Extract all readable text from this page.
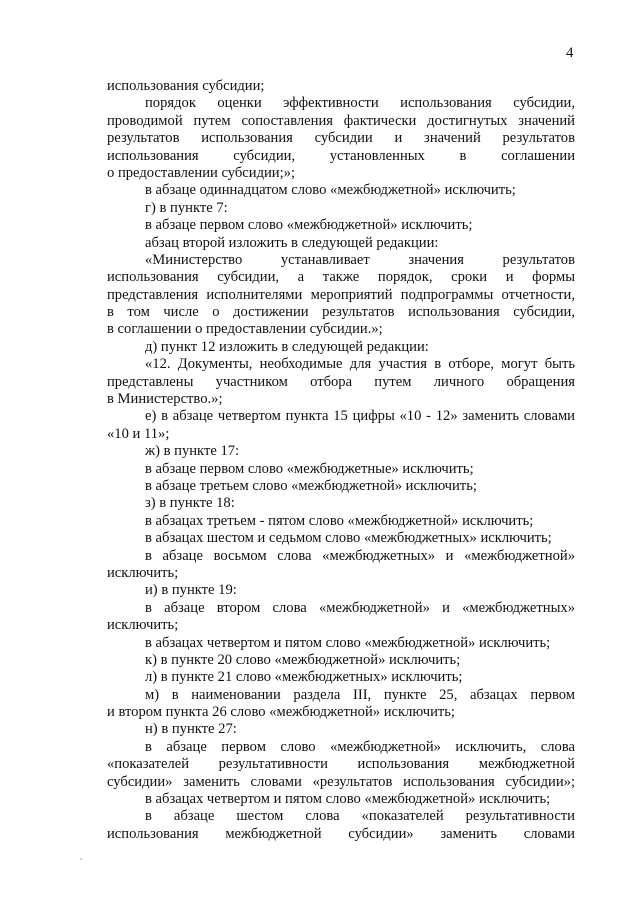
4
использования субсидии;
порядок оценки эффективности использования субсидии,
проводимой путем сопоставления фактически достигнутых значений
результатов использования субсидии и значений результатов
использования субсидии, установленных в соглашении
о предоставлении субсидии;»;
в абзаце одиннадцатом слово «межбюджетной» исключить;
г) в пункте 7:
в абзаце первом слово «межбюджетной» исключить;
абзац второй изложить в следующей редакции:
«Министерство устанавливает значения результатов
использования субсидии, а также порядок, сроки и формы
представления исполнителями мероприятий подпрограммы отчетности,
в том числе о достижении результатов использования субсидии,
в соглашении о предоставлении субсидии.»;
д) пункт 12 изложить в следующей редакции:
«12. Документы, необходимые для участия в отборе, могут быть
представлены участником отбора путем личного обращения
в Министерство.»;
е) в абзаце четвертом пункта 15 цифры «10 - 12» заменить словами
«10 и 11»;
ж) в пункте 17:
в абзаце первом слово «межбюджетные» исключить;
в абзаце третьем слово «межбюджетной» исключить;
з) в пункте 18:
в абзацах третьем - пятом слово «межбюджетной» исключить;
в абзацах шестом и седьмом слово «межбюджетных» исключить;
в абзаце восьмом слова «межбюджетных» и «межбюджетной»
исключить;
и) в пункте 19:
в абзаце втором слова «межбюджетной» и «межбюджетных»
исключить;
в абзацах четвертом и пятом слово «межбюджетной» исключить;
к) в пункте 20 слово «межбюджетной» исключить;
л) в пункте 21 слово «межбюджетных» исключить;
м) в наименовании раздела III, пункте 25, абзацах первом
и втором пункта 26 слово «межбюджетной» исключить;
н) в пункте 27:
в абзаце первом слово «межбюджетной» исключить, слова
«показателей результативности использования межбюджетной
субсидии» заменить словами «результатов использования субсидии»;
в абзацах четвертом и пятом слово «межбюджетной» исключить;
в абзаце шестом слова «показателей результативности
использования межбюджетной субсидии» заменить словами
